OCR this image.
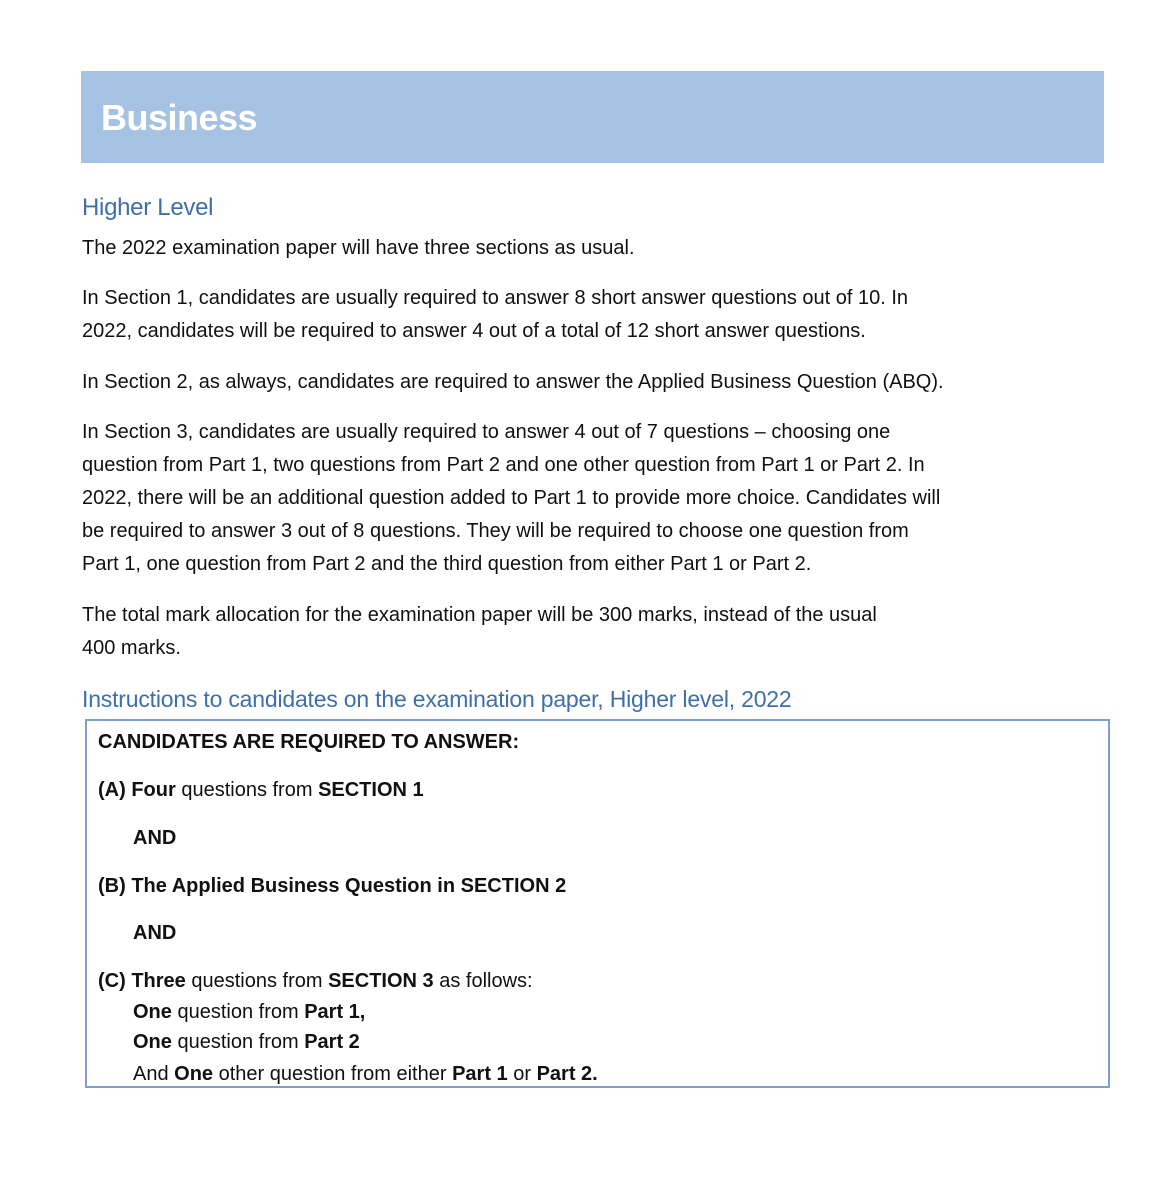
Business
Higher Level

The 2022 examination paper will have three sections as usual.

In Section 1, candidates are usually required to answer 8 short answer questions out of 10. In
2022, candidates will be required to answer 4 out of a total of 12 short answer questions.

In Section 2, as always, candidates are required to answer the Applied Business Question (ABQ).

In Section 3, candidates are usually required to answer 4 out of 7 questions – choosing one
question from Part 1, two questions from Part 2 and one other question from Part 1 or Part 2. In
2022, there will be an additional question added to Part 1 to provide more choice. Candidates will
be required to answer 3 out of 8 questions. They will be required to choose one question from
Part 1, one question from Part 2 and the third question from either Part 1 or Part 2.

The total mark allocation for the examination paper will be 300 marks, instead of the usual
400 marks.

Instructions to candidates on the examination paper, Higher level, 2022

CANDIDATES ARE REQUIRED TO ANSWER:

(A) Four questions from SECTION 1

AND

(B) The Applied Business Question in SECTION 2

AND

(C) Three questions from SECTION 3 as follows:

One question from Part 1,

One question from Part 2

And One other question from either Part 1 or Part 2.
